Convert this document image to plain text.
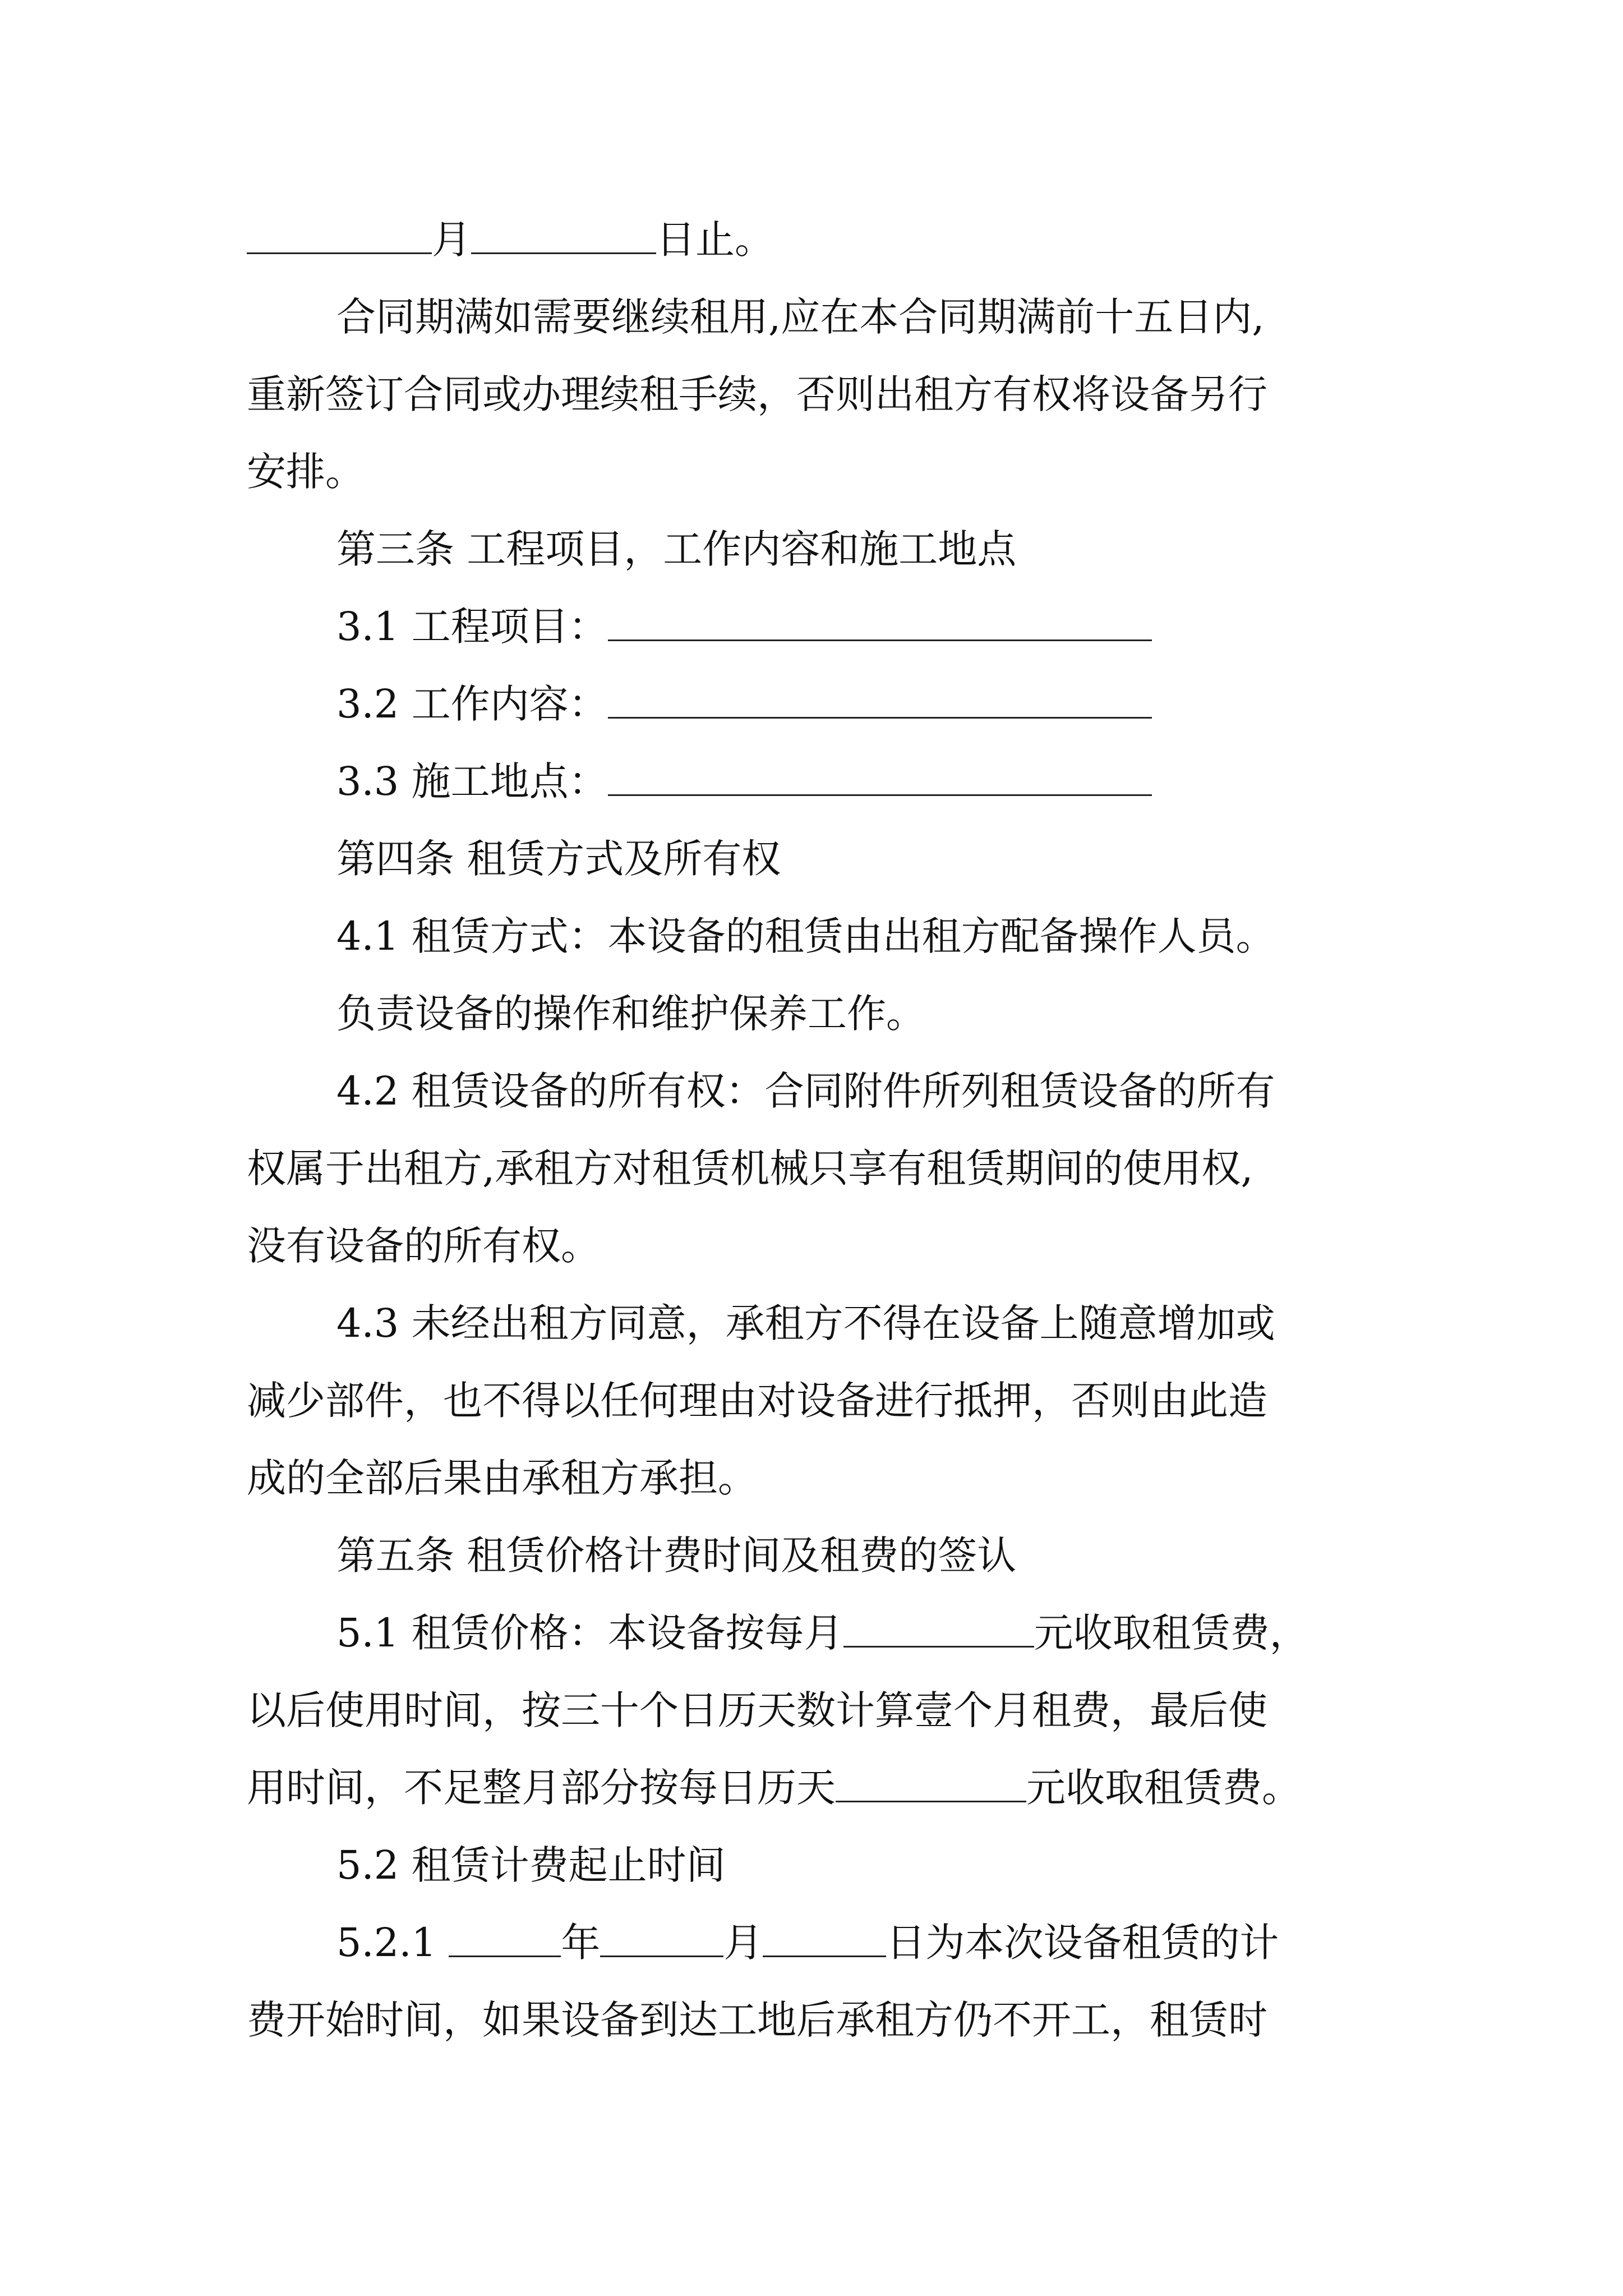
月	日止。
合同期满如需要继续租用,应在本合同期满前十五日内,
重新签订合同或办理续租手续，否则出租方有权将设备另行
安排。
第三条 工程项目，工作内容和施工地点
3.1 工程项目：
3.2 工作内容：
3.3 施工地点：
第四条 租赁方式及所有权
4.1 租赁方式：本设备的租赁由出租方配备操作人员。
负责设备的操作和维护保养工作。
4.2 租赁设备的所有权：合同附件所列租赁设备的所有
权属于出租方,承租方对租赁机械只享有租赁期间的使用权,
没有设备的所有权。
4.3 未经出租方同意，承租方不得在设备上随意增加或
减少部件，也不得以任何理由对设备进行抵押，否则由此造
成的全部后果由承租方承担。
第五条 租赁价格计费时间及租费的签认
5.1 租赁价格：本设备按每月	元收取租赁费，
以后使用时间，按三十个日历天数计算壹个月租费，最后使
用时间，不足整月部分按每日历天	元收取租赁费。
5.2 租赁计费起止时间
5.2.1	年	月	日为本次设备租赁的计
费开始时间，如果设备到达工地后承租方仍不开工，租赁时
